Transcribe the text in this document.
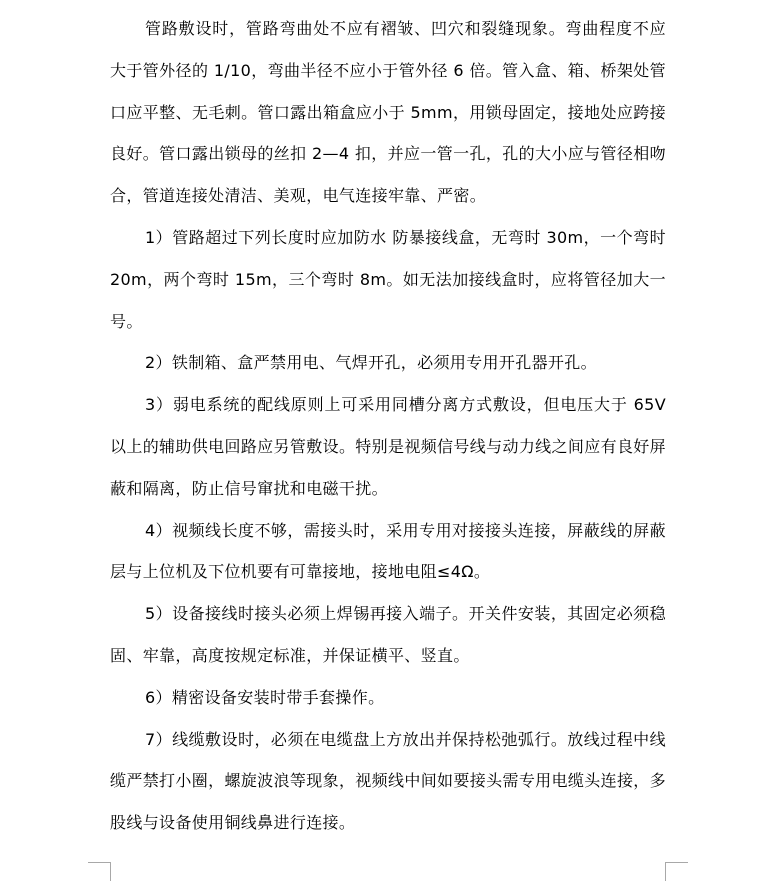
管路敷设时，管路弯曲处不应有褶皱、凹穴和裂缝现象。弯曲程度不应大于管外径的 1/10，弯曲半径不应小于管外径 6 倍。管入盒、箱、桥架处管口应平整、无毛刺。管口露出箱盒应小于 5mm，用锁母固定，接地处应跨接良好。管口露出锁母的丝扣 2—4 扣，并应一管一孔，孔的大小应与管径相吻合，管道连接处清洁、美观，电气连接牢靠、严密。

1）管路超过下列长度时应加防水 防暴接线盒，无弯时 30m，一个弯时 20m，两个弯时 15m，三个弯时 8m。如无法加接线盒时，应将管径加大一号。

2）铁制箱、盒严禁用电、气焊开孔，必须用专用开孔器开孔。

3）弱电系统的配线原则上可采用同槽分离方式敷设，但电压大于 65V 以上的辅助供电回路应另管敷设。特别是视频信号线与动力线之间应有良好屏蔽和隔离，防止信号窜扰和电磁干扰。

4）视频线长度不够，需接头时，采用专用对接接头连接，屏蔽线的屏蔽层与上位机及下位机要有可靠接地，接地电阻≤4Ω。

5）设备接线时接头必须上焊锡再接入端子。开关件安装，其固定必须稳固、牢靠，高度按规定标准，并保证横平、竖直。

6）精密设备安装时带手套操作。

7）线缆敷设时，必须在电缆盘上方放出并保持松弛弧行。放线过程中线缆严禁打小圈，螺旋波浪等现象，视频线中间如要接头需专用电缆头连接，多股线与设备使用铜线鼻进行连接。
